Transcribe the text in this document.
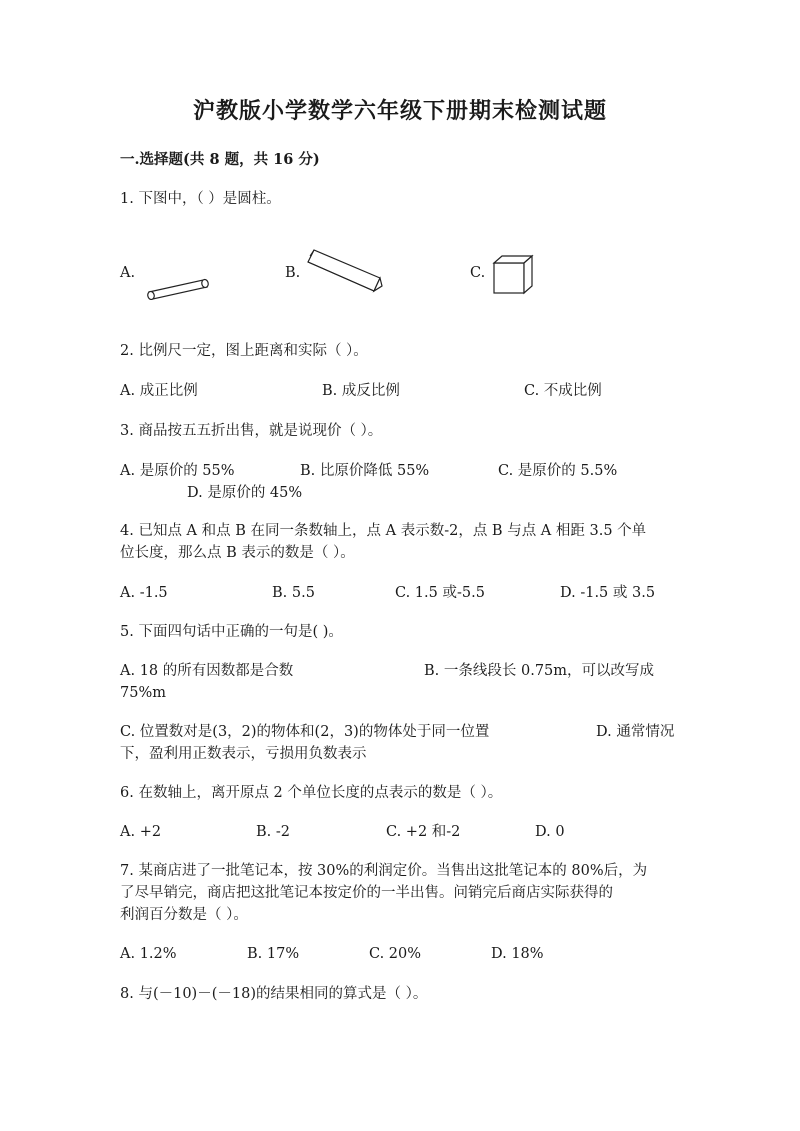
沪教版小学数学六年级下册期末检测试题
一.选择题(共 8 题，共 16 分)
1. 下图中，（ ）是圆柱。
A.	B.	C.
2. 比例尺一定，图上距离和实际（ ）。
A. 成正比例	B. 成反比例	C. 不成比例
3. 商品按五五折出售，就是说现价（ ）。
A. 是原价的 55%	B. 比原价降低 55%	C. 是原价的 5.5%
D. 是原价的 45%
4. 已知点 A 和点 B 在同一条数轴上，点 A 表示数-2，点 B 与点 A 相距 3.5 个单
位长度，那么点 B 表示的数是（ ）。
A. -1.5	B. 5.5	C. 1.5 或-5.5	D. -1.5 或 3.5
5. 下面四句话中正确的一句是( )。
A. 18 的所有因数都是合数	B. 一条线段长 0.75m，可以改写成
75%m
C. 位置数对是(3，2)的物体和(2，3)的物体处于同一位置	D. 通常情况
下，盈利用正数表示，亏损用负数表示
6. 在数轴上，离开原点 2 个单位长度的点表示的数是（ ）。
A. +2	B. -2	C. +2 和-2	D. 0
7. 某商店进了一批笔记本，按 30%的利润定价。当售出这批笔记本的 80%后，为
了尽早销完，商店把这批笔记本按定价的一半出售。问销完后商店实际获得的
利润百分数是（ ）。
A. 1.2%	B. 17%	C. 20%	D. 18%
8. 与(－10)－(－18)的结果相同的算式是（ ）。
